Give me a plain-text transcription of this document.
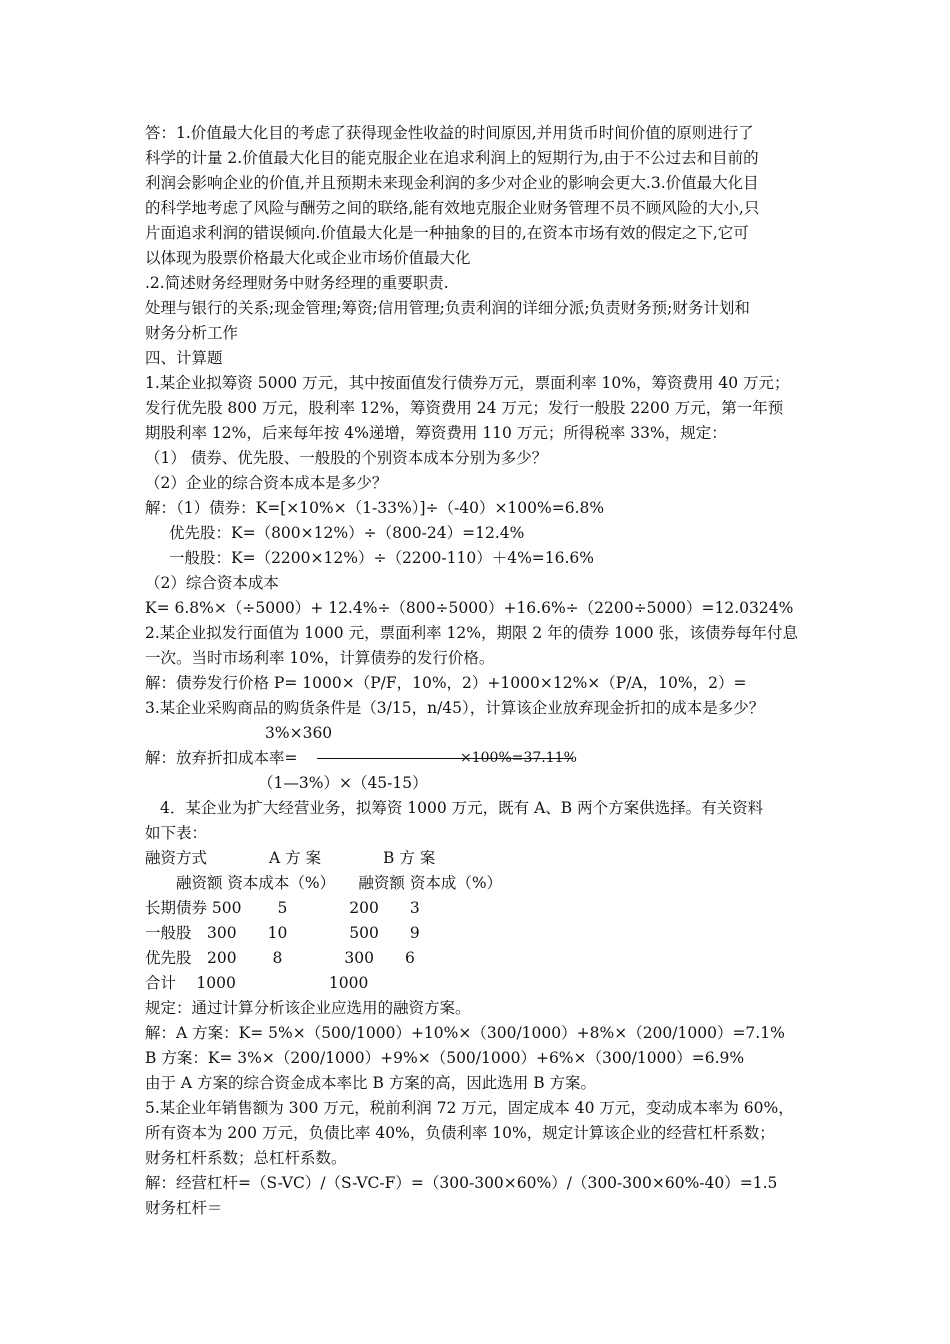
答：1.价值最大化目的考虑了获得现金性收益的时间原因,并用货币时间价值的原则进行了
科学的计量 2.价值最大化目的能克服企业在追求利润上的短期行为,由于不公过去和目前的
利润会影响企业的价值,并且预期未来现金利润的多少对企业的影响会更大.3.价值最大化目
的科学地考虑了风险与酬劳之间的联络,能有效地克服企业财务管理不员不顾风险的大小,只
片面追求利润的错误倾向.价值最大化是一种抽象的目的,在资本市场有效的假定之下,它可
以体现为股票价格最大化或企业市场价值最大化
.2.简述财务经理财务中财务经理的重要职责.
处理与银行的关系;现金管理;筹资;信用管理;负责利润的详细分派;负责财务预;财务计划和
财务分析工作
四、计算题
1.某企业拟筹资 5000 万元，其中按面值发行债券万元，票面利率 10%，筹资费用 40 万元；
发行优先股 800 万元，股利率 12%，筹资费用 24 万元；发行一般股 2200 万元，第一年预
期股利率 12%，后来每年按 4%递增，筹资费用 110 万元；所得税率 33%，规定：
（1） 债券、优先股、一般股的个别资本成本分别为多少？
（2）企业的综合资本成本是多少？
解：（1）债券：K=[×10%×（1-33%）]÷（-40）×100%=6.8%
优先股：K=（800×12%）÷（800-24）=12.4%
一般股：K=（2200×12%）÷（2200-110）＋4%=16.6%
（2）综合资本成本
K= 6.8%×（÷5000）+ 12.4%÷（800÷5000）+16.6%÷（2200÷5000）=12.0324%
2.某企业拟发行面值为 1000 元，票面利率 12%，期限 2 年的债券 1000 张，该债券每年付息
一次。当时市场利率 10%，计算债券的发行价格。
解：债券发行价格 P= 1000×（P/F，10%，2）+1000×12%×（P/A，10%，2）=
3.某企业采购商品的购货条件是（3/15，n/45），计算该企业放弃现金折扣的成本是多少？
3%×360
解：放弃折扣成本率=	×100%=37.11%
（1—3%）×（45-15）
4．某企业为扩大经营业务，拟筹资 1000 万元，既有 A、B 两个方案供选择。有关资料
如下表：
融资方式　　　　A 方 案　　　　B 方 案
　　融资额 资本成本（%）　　融资额 资本成（%）
长期债券 500　　 5　　　　200　　3
一般股　300　　10　　　　500　　9
优先股　200　　 8　　　　300　　6
合计　 1000　　　　　　1000
规定：通过计算分析该企业应选用的融资方案。
解：A 方案：K= 5%×（500/1000）+10%×（300/1000）+8%×（200/1000）=7.1%
B 方案：K= 3%×（200/1000）+9%×（500/1000）+6%×（300/1000）=6.9%
由于 A 方案的综合资金成本率比 B 方案的高，因此选用 B 方案。
5.某企业年销售额为 300 万元，税前利润 72 万元，固定成本 40 万元，变动成本率为 60%，
所有资本为 200 万元，负债比率 40%，负债利率 10%，规定计算该企业的经营杠杆系数；
财务杠杆系数；总杠杆系数。
解：经营杠杆=（S-VC）/（S-VC-F）=（300-300×60%）/（300-300×60%-40）=1.5
财务杠杆＝
